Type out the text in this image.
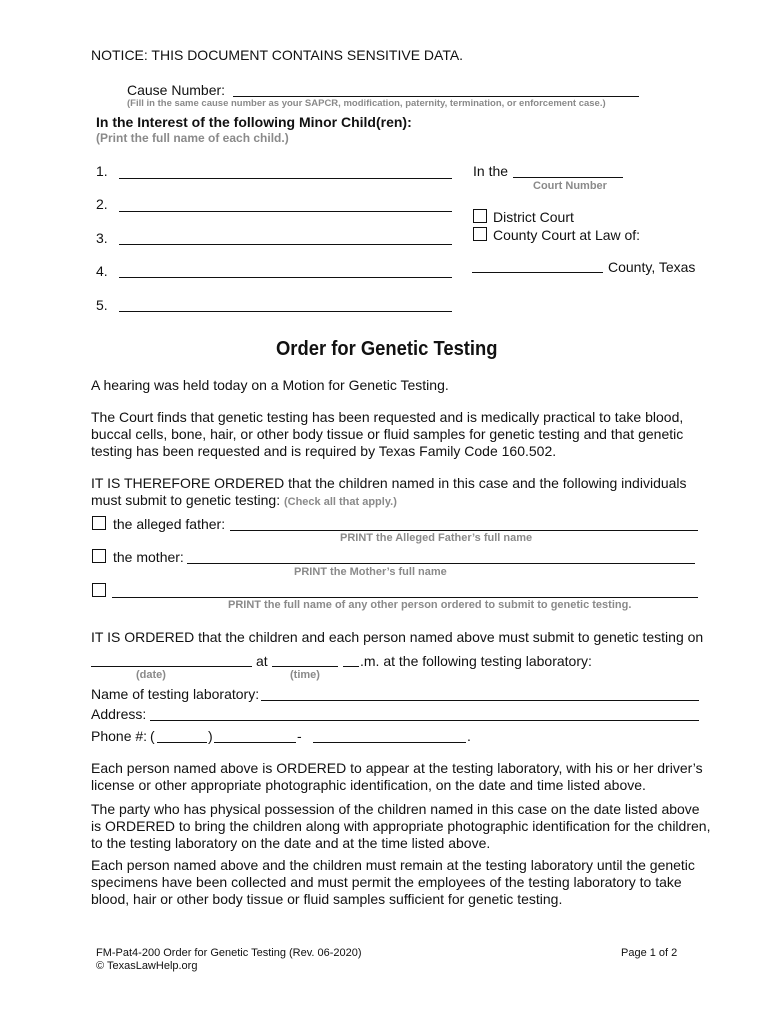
NOTICE: THIS DOCUMENT CONTAINS SENSITIVE DATA.
Cause Number:
(Fill in the same cause number as your SAPCR, modification, paternity, termination, or enforcement case.)
In the Interest of the following Minor Child(ren):
(Print the full name of each child.)
1.
2.
3.
4.
5.
In the
Court Number
District Court
County Court at Law of:
County, Texas
Order for Genetic Testing
A hearing was held today on a Motion for Genetic Testing.
The Court finds that genetic testing has been requested and is medically practical to take blood, buccal cells, bone, hair, or other body tissue or fluid samples for genetic testing and that genetic testing has been requested and is required by Texas Family Code 160.502.
IT IS THEREFORE ORDERED that the children named in this case and the following individuals must submit to genetic testing: (Check all that apply.)
the alleged father:
PRINT the Alleged Father’s full name
the mother:
PRINT the Mother’s full name
PRINT the full name of any other person ordered to submit to genetic testing.
IT IS ORDERED that the children and each person named above must submit to genetic testing on
at	.m. at the following testing laboratory:
(date)	(time)
Name of testing laboratory:
Address:
Phone #: (	)	-	.
Each person named above is ORDERED to appear at the testing laboratory, with his or her driver’s license or other appropriate photographic identification, on the date and time listed above.
The party who has physical possession of the children named in this case on the date listed above is ORDERED to bring the children along with appropriate photographic identification for the children, to the testing laboratory on the date and at the time listed above.
Each person named above and the children must remain at the testing laboratory until the genetic specimens have been collected and must permit the employees of the testing laboratory to take blood, hair or other body tissue or fluid samples sufficient for genetic testing.
FM-Pat4-200 Order for Genetic Testing (Rev. 06-2020)
© TexasLawHelp.org
Page 1 of 2
